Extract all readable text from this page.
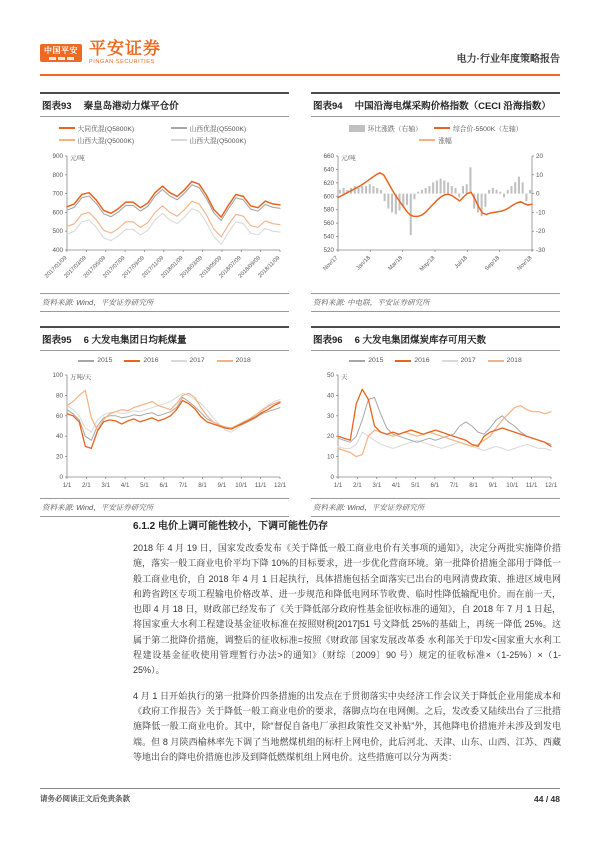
中国平安 平安证券
PINGAN SECURITIES	电力·行业年度策略报告
图表93 秦皇岛港动力煤平仓价
大同优混(Q5800K)	山西优混(Q5500K)
山西大混(Q5000K)	山西大混(Q5000K)
400
500
600
700
800
900 元/吨
2017/01/09
2017/03/09
2017/05/09
2017/07/09
2017/09/09
2017/11/09
2018/01/09
2018/03/09
2018/05/09
2018/07/09
2018/09/09
2018/11/09
资料来源: Wind，平安证券研究所
图表94 中国沿海电煤采购价格指数（CECI 沿海指数）
环比涨跌（右轴）	综合价-5500K（左轴）
涨幅
520
540
560
580
600
620
640
660
-30
-20
-10
0
10
20
元/吨
Nov/17	Jan/18	Mar/18	May/18	Jul/18	Sep/18	Nov/18
资料来源: 中电联，平安证券研究所
图表95 6 大发电集团日均耗煤量
2015	2016	2017	2018
0
20
40
60
80
100 万吨/天
1/1 2/1 3/1 4/1 5/1 6/1 7/1 8/1 9/1 10/1 11/1 12/1
资料来源: Wind，平安证券研究所
图表96 6 大发电集团煤炭库存可用天数
2015	2016	2017	2018
0
10
20
30
40
50 天
1/1 2/1 3/1 4/1 5/1 6/1 7/1 8/1 9/1 10/1 11/1 12/1
资料来源: Wind，平安证券研究所
6.1.2 电价上调可能性较小，下调可能性仍存

2018 年 4 月 19 日，国家发改委发布《关于降低一般工商业电价有关事项的通知》，决定分两批实施降价措施，落实一般工商业电价平均下降 10%的目标要求，进一步优化营商环境。第一批降价措施全部用于降低一般工商业电价，自 2018 年 4 月 1 日起执行，具体措施包括全面落实已出台的电网清费政策、推进区域电网和跨省跨区专项工程输电价格改革、进一步规范和降低电网环节收费、临时性降低输配电价。而在前一天，也即 4 月 18 日，财政部已经发布了《关于降低部分政府性基金征收标准的通知》，自 2018 年 7 月 1 日起，将国家重大水利工程建设基金征收标准在按照财税[2017]51 号文降低 25%的基础上，再统一降低 25%。这属于第二批降价措施，调整后的征收标准=按照《财政部 国家发展改革委 水利部关于印发<国家重大水利工程建设基金征收使用管理暂行办法>的通知》（财综〔2009〕90 号）规定的征收标准×（1-25%）×（1-25%）。

4 月 1 日开始执行的第一批降价四条措施的出发点在于贯彻落实中央经济工作会议关于降低企业用能成本和《政府工作报告》关于降低一般工商业电价的要求，落脚点均在电网侧。之后，发改委又陆续出台了三批措施降低一般工商业电价。其中，除“督促自备电厂承担政策性交叉补贴”外，其他降电价措施并未涉及到发电端。但 8 月陕西榆林率先下调了当地燃煤机组的标杆上网电价，此后河北、天津、山东、山西、江苏、西藏等地出台的降电价措施也涉及到降低燃煤机组上网电价。这些措施可以分为两类：

请务必阅读正文后免责条款	44 / 48
